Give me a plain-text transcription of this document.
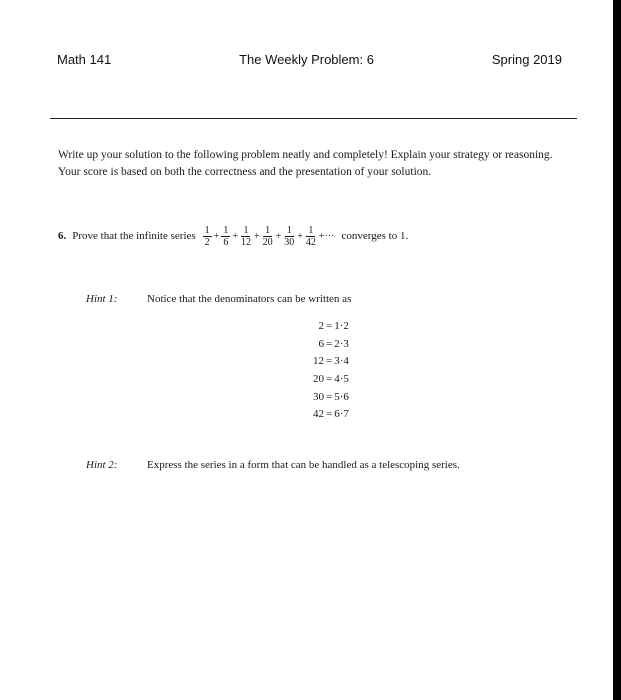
Math 141	The Weekly Problem: 6	Spring 2019
Write up your solution to the following problem neatly and completely! Explain your strategy or reasoning. Your score is based on both the correctness and the presentation of your solution.
6. Prove that the infinite series $\frac{1}{2} + \frac{1}{6} + \frac{1}{12} + \frac{1}{20} + \frac{1}{30} + \frac{1}{42}$ +··· converges to 1.
Hint 1:	Notice that the denominators can be written as
2 = 1·2
6 = 2·3
12 = 3·4
20 = 4·5
30 = 5·6
42 = 6·7
Hint 2:	Express the series in a form that can be handled as a telescoping series.
